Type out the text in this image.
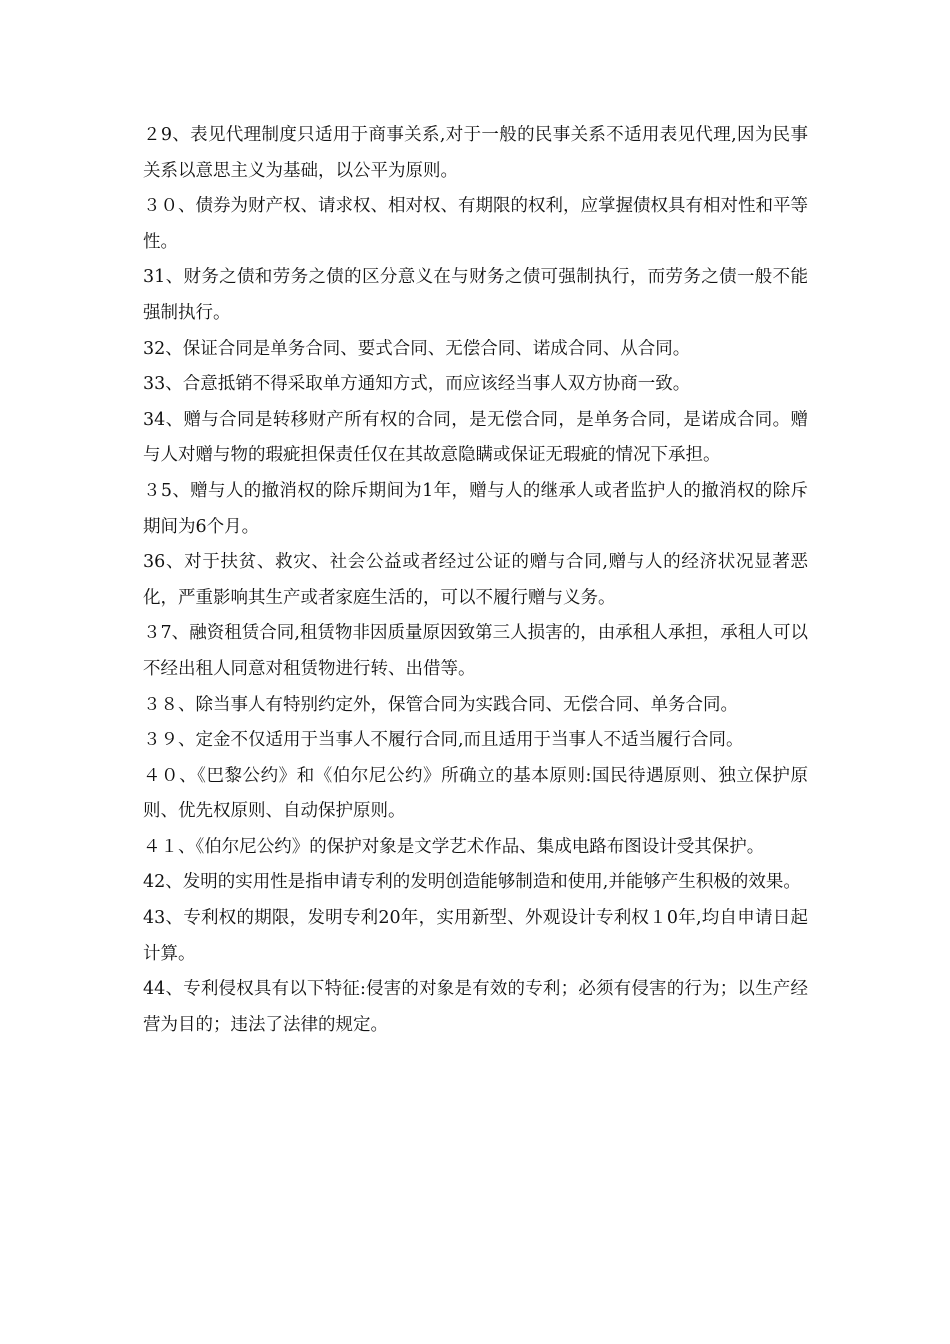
２9、表见代理制度只适用于商事关系,对于一般的民事关系不适用表见代理,因为民事关系以意思主义为基础，以公平为原则。

３０、债券为财产权、请求权、相对权、有期限的权利，应掌握债权具有相对性和平等性。

31、财务之债和劳务之债的区分意义在与财务之债可强制执行，而劳务之债一般不能强制执行。

32、保证合同是单务合同、要式合同、无偿合同、诺成合同、从合同。

33、合意抵销不得采取单方通知方式，而应该经当事人双方协商一致。

34、赠与合同是转移财产所有权的合同，是无偿合同，是单务合同，是诺成合同。赠与人对赠与物的瑕疵担保责任仅在其故意隐瞒或保证无瑕疵的情况下承担。

３5、赠与人的撤消权的除斥期间为1年，赠与人的继承人或者监护人的撤消权的除斥期间为6个月。

36、对于扶贫、救灾、社会公益或者经过公证的赠与合同,赠与人的经济状况显著恶化，严重影响其生产或者家庭生活的，可以不履行赠与义务。

３7、融资租赁合同,租赁物非因质量原因致第三人损害的，由承租人承担，承租人可以不经出租人同意对租赁物进行转、出借等。

３８、除当事人有特别约定外，保管合同为实践合同、无偿合同、单务合同。

３９、定金不仅适用于当事人不履行合同,而且适用于当事人不适当履行合同。

４０、《巴黎公约》和《伯尔尼公约》所确立的基本原则:国民待遇原则、独立保护原则、优先权原则、自动保护原则。

４１、《伯尔尼公约》的保护对象是文学艺术作品、集成电路布图设计受其保护。

42、发明的实用性是指申请专利的发明创造能够制造和使用,并能够产生积极的效果。

43、专利权的期限，发明专利20年，实用新型、外观设计专利权１0年,均自申请日起计算。

44、专利侵权具有以下特征:侵害的对象是有效的专利；必须有侵害的行为；以生产经营为目的；违法了法律的规定。
